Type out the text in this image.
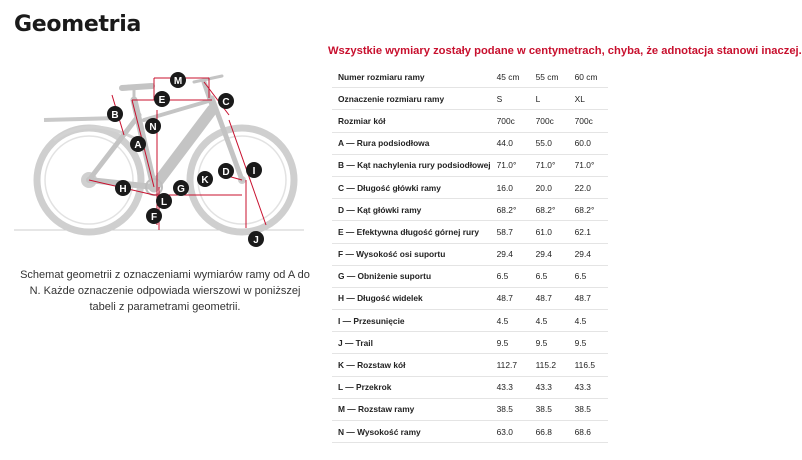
Geometria
M
E	C
B
N
A
I
D
K
H	G
L
F
J
Schemat geometrii z oznaczeniami wymiarów ramy od A do N. Każde oznaczenie odpowiada wierszowi w poniższej tabeli z parametrami geometrii.
Wszystkie wymiary zostały podane w centymetrach, chyba, że adnotacja stanowi inaczej.
Numer rozmiaru ramy	45 cm	55 cm	60 cm
Oznaczenie rozmiaru ramy	S	L	XL
Rozmiar kół	700c	700c	700c
A — Rura podsiodłowa	44.0	55.0	60.0
B — Kąt nachylenia rury podsiodłowej	71.0°	71.0°	71.0°
C — Długość główki ramy	16.0	20.0	22.0
D — Kąt główki ramy	68.2°	68.2°	68.2°
E — Efektywna długość górnej rury	58.7	61.0	62.1
F — Wysokość osi suportu	29.4	29.4	29.4
G — Obniżenie suportu	6.5	6.5	6.5
H — Długość widelek	48.7	48.7	48.7
I — Przesunięcie	4.5	4.5	4.5
J — Trail	9.5	9.5	9.5
K — Rozstaw kół	112.7	115.2	116.5
L — Przekrok	43.3	43.3	43.3
M — Rozstaw ramy	38.5	38.5	38.5
N — Wysokość ramy	63.0	66.8	68.6
